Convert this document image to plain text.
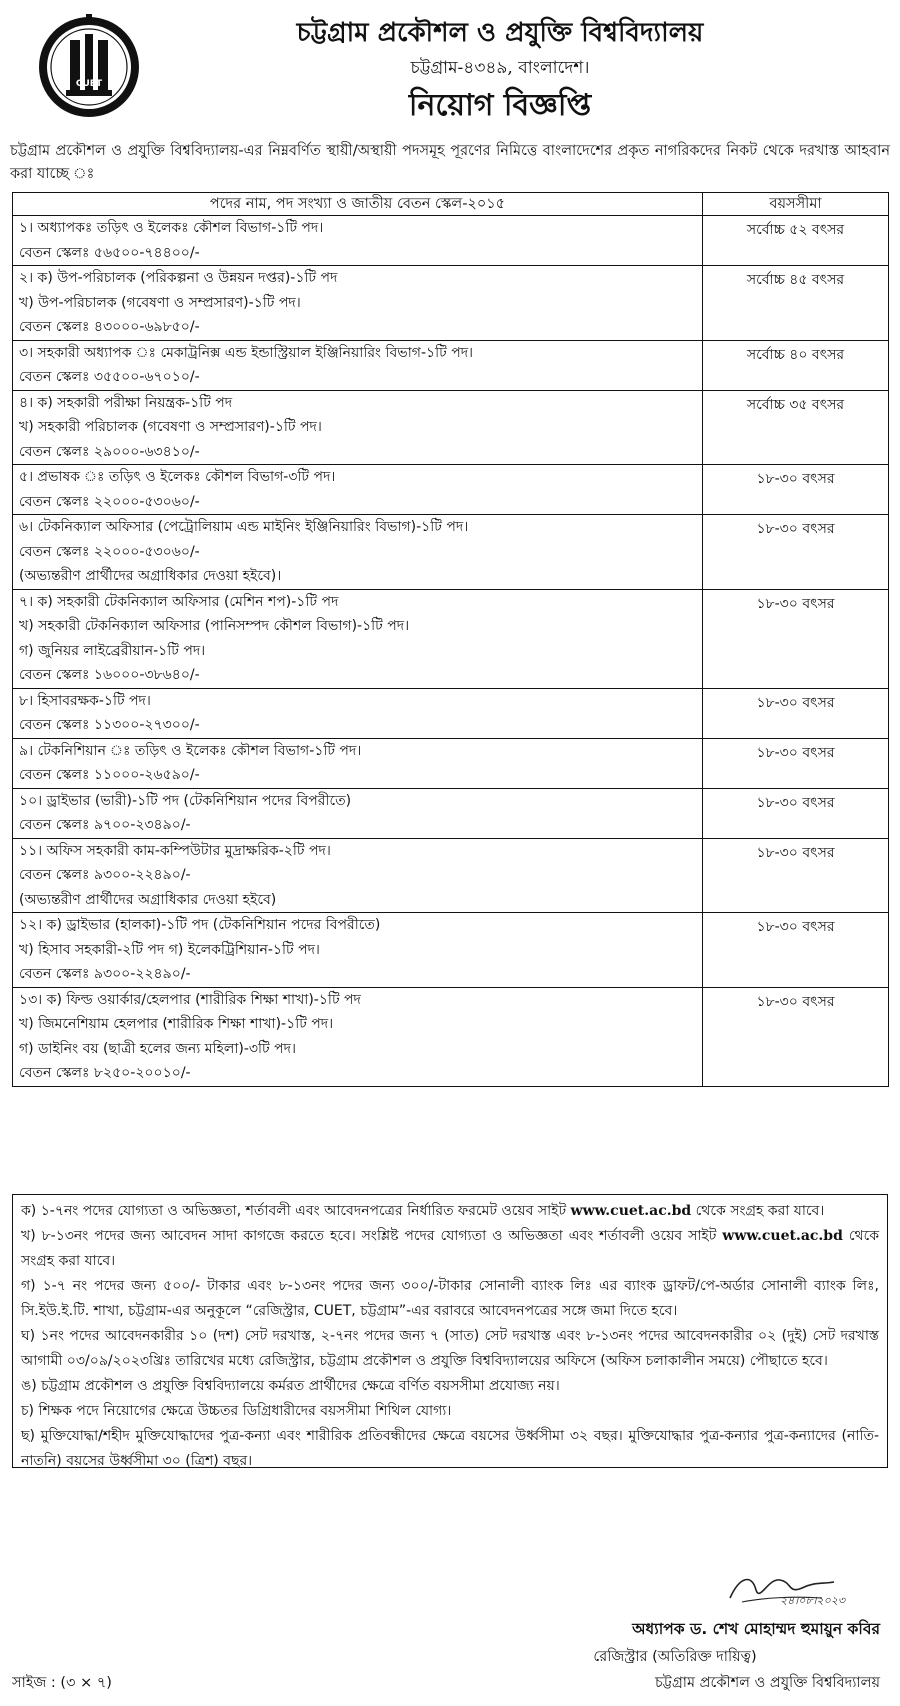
CUET
চট্টগ্রাম প্রকৌশল ও প্রযুক্তি বিশ্ববিদ্যালয়
চট্টগ্রাম-৪৩৪৯, বাংলাদেশ।
নিয়োগ বিজ্ঞপ্তি
চট্টগ্রাম প্রকৌশল ও প্রযুক্তি বিশ্ববিদ্যালয়-এর নিম্নবর্ণিত স্থায়ী/অস্থায়ী পদসমূহ পূরণের নিমিত্তে বাংলাদেশের প্রকৃত নাগরিকদের নিকট থেকে দরখাস্ত আহবান করা যাচ্ছে ঃ
পদের নাম, পদ সংখ্যা ও জাতীয় বেতন স্কেল-২০১৫	বয়সসীমা

১। অধ্যাপকঃ তড়িৎ ও ইলেকঃ কৌশল বিভাগ-১টি পদ।
বেতন স্কেলঃ ৫৬৫০০-৭৪৪০০/-	সর্বোচ্চ ৫২ বৎসর

২। ক) উপ-পরিচালক (পরিকল্পনা ও উন্নয়ন দপ্তর)-১টি পদ
খ) উপ-পরিচালক (গবেষণা ও সম্প্রসারণ)-১টি পদ।
বেতন স্কেলঃ ৪৩০০০-৬৯৮৫০/-	সর্বোচ্চ ৪৫ বৎসর

৩। সহকারী অধ্যাপক ঃ মেকাট্রনিক্স এন্ড ইন্ডাস্ট্রিয়াল ইঞ্জিনিয়ারিং বিভাগ-১টি পদ।
বেতন স্কেলঃ ৩৫৫০০-৬৭০১০/-	সর্বোচ্চ ৪০ বৎসর

৪। ক) সহকারী পরীক্ষা নিয়ন্ত্রক-১টি পদ
খ) সহকারী পরিচালক (গবেষণা ও সম্প্রসারণ)-১টি পদ।
বেতন স্কেলঃ ২৯০০০-৬৩৪১০/-	সর্বোচ্চ ৩৫ বৎসর

৫। প্রভাষক ঃ তড়িৎ ও ইলেকঃ কৌশল বিভাগ-৩টি পদ।
বেতন স্কেলঃ ২২০০০-৫৩০৬০/-	১৮-৩০ বৎসর

৬। টেকনিক্যাল অফিসার (পেট্রোলিয়াম এন্ড মাইনিং ইঞ্জিনিয়ারিং বিভাগ)-১টি পদ।
বেতন স্কেলঃ ২২০০০-৫৩০৬০/-
(অভ্যন্তরীণ প্রার্থীদের অগ্রাধিকার দেওয়া হইবে)।	১৮-৩০ বৎসর

৭। ক) সহকারী টেকনিক্যাল অফিসার (মেশিন শপ)-১টি পদ
খ) সহকারী টেকনিক্যাল অফিসার (পানিসম্পদ কৌশল বিভাগ)-১টি পদ।
গ) জুনিয়র লাইব্রেরীয়ান-১টি পদ।
বেতন স্কেলঃ ১৬০০০-৩৮৬৪০/-	১৮-৩০ বৎসর

৮। হিসাবরক্ষক-১টি পদ।
বেতন স্কেলঃ ১১৩০০-২৭৩০০/-	১৮-৩০ বৎসর

৯। টেকনিশিয়ান ঃ তড়িৎ ও ইলেকঃ কৌশল বিভাগ-১টি পদ।
বেতন স্কেলঃ ১১০০০-২৬৫৯০/-	১৮-৩০ বৎসর

১০। ড্রাইভার (ভারী)-১টি পদ (টেকনিশিয়ান পদের বিপরীতে)
বেতন স্কেলঃ ৯৭০০-২৩৪৯০/-	১৮-৩০ বৎসর

১১। অফিস সহকারী কাম-কম্পিউটার মুদ্রাক্ষরিক-২টি পদ।
বেতন স্কেলঃ ৯৩০০-২২৪৯০/-
(অভ্যন্তরীণ প্রার্থীদের অগ্রাধিকার দেওয়া হইবে)	১৮-৩০ বৎসর

১২। ক) ড্রাইভার (হালকা)-১টি পদ (টেকনিশিয়ান পদের বিপরীতে)
খ) হিসাব সহকারী-২টি পদ গ) ইলেকট্রিশিয়ান-১টি পদ।
বেতন স্কেলঃ ৯৩০০-২২৪৯০/-	১৮-৩০ বৎসর

১৩। ক) ফিল্ড ওয়ার্কার/হেলপার (শারীরিক শিক্ষা শাখা)-১টি পদ
খ) জিমনেশিয়াম হেলপার (শারীরিক শিক্ষা শাখা)-১টি পদ।
গ) ডাইনিং বয় (ছাত্রী হলের জন্য মহিলা)-৩টি পদ।
বেতন স্কেলঃ ৮২৫০-২০০১০/-	১৮-৩০ বৎসর

ক) ১-৭নং পদের যোগ্যতা ও অভিজ্ঞতা, শর্তাবলী এবং আবেদনপত্রের নির্ধারিত ফরমেট ওয়েব সাইট www.cuet.ac.bd থেকে সংগ্রহ করা যাবে।

খ) ৮-১৩নং পদের জন্য আবেদন সাদা কাগজে করতে হবে। সংশ্লিষ্ট পদের যোগ্যতা ও অভিজ্ঞতা এবং শর্তাবলী ওয়েব সাইট www.cuet.ac.bd থেকে সংগ্রহ করা যাবে।

গ) ১-৭ নং পদের জন্য ৫০০/- টাকার এবং ৮-১৩নং পদের জন্য ৩০০/-টাকার সোনালী ব্যাংক লিঃ এর ব্যাংক ড্রাফট/পে-অর্ডার সোনালী ব্যাংক লিঃ, সি.ইউ.ই.টি. শাখা, চট্টগ্রাম-এর অনুকূলে “রেজিস্ট্রার, CUET, চট্টগ্রাম”-এর বরাবরে আবেদনপত্রের সঙ্গে জমা দিতে হবে।

ঘ) ১নং পদের আবেদনকারীর ১০ (দশ) সেট দরখাস্ত, ২-৭নং পদের জন্য ৭ (সাত) সেট দরখাস্ত এবং ৮-১৩নং পদের আবেদনকারীর ০২ (দুই) সেট দরখাস্ত আগামী ০৩/০৯/২০২৩খ্রিঃ তারিখের মধ্যে রেজিস্ট্রার, চট্টগ্রাম প্রকৌশল ও প্রযুক্তি বিশ্ববিদ্যালয়ের অফিসে (অফিস চলাকালীন সময়ে) পৌছাতে হবে।

ঙ) চট্টগ্রাম প্রকৌশল ও প্রযুক্তি বিশ্ববিদ্যালয়ে কর্মরত প্রার্থীদের ক্ষেত্রে বর্ণিত বয়সসীমা প্রযোজ্য নয়।

চ) শিক্ষক পদে নিয়োগের ক্ষেত্রে উচ্চতর ডিগ্রিধারীদের বয়সসীমা শিথিল যোগ্য।

ছ) মুক্তিযোদ্ধা/শহীদ মুক্তিযোদ্ধাদের পুত্র-কন্যা এবং শারীরিক প্রতিবন্ধীদের ক্ষেত্রে বয়সের উর্ধ্বসীমা ৩২ বছর। মুক্তিযোদ্ধার পুত্র-কন্যার পুত্র-কন্যাদের (নাতি-নাতনি) বয়সের উর্ধ্বসীমা ৩০ (ত্রিশ) বছর।

২৪।০৮।২০২৩
অধ্যাপক ড. শেখ মোহাম্মদ হুমায়ুন কবির
রেজিস্ট্রার (অতিরিক্ত দায়িত্ব)
চট্টগ্রাম প্রকৌশল ও প্রযুক্তি বিশ্ববিদ্যালয়
সাইজ : (৩ × ৭)
